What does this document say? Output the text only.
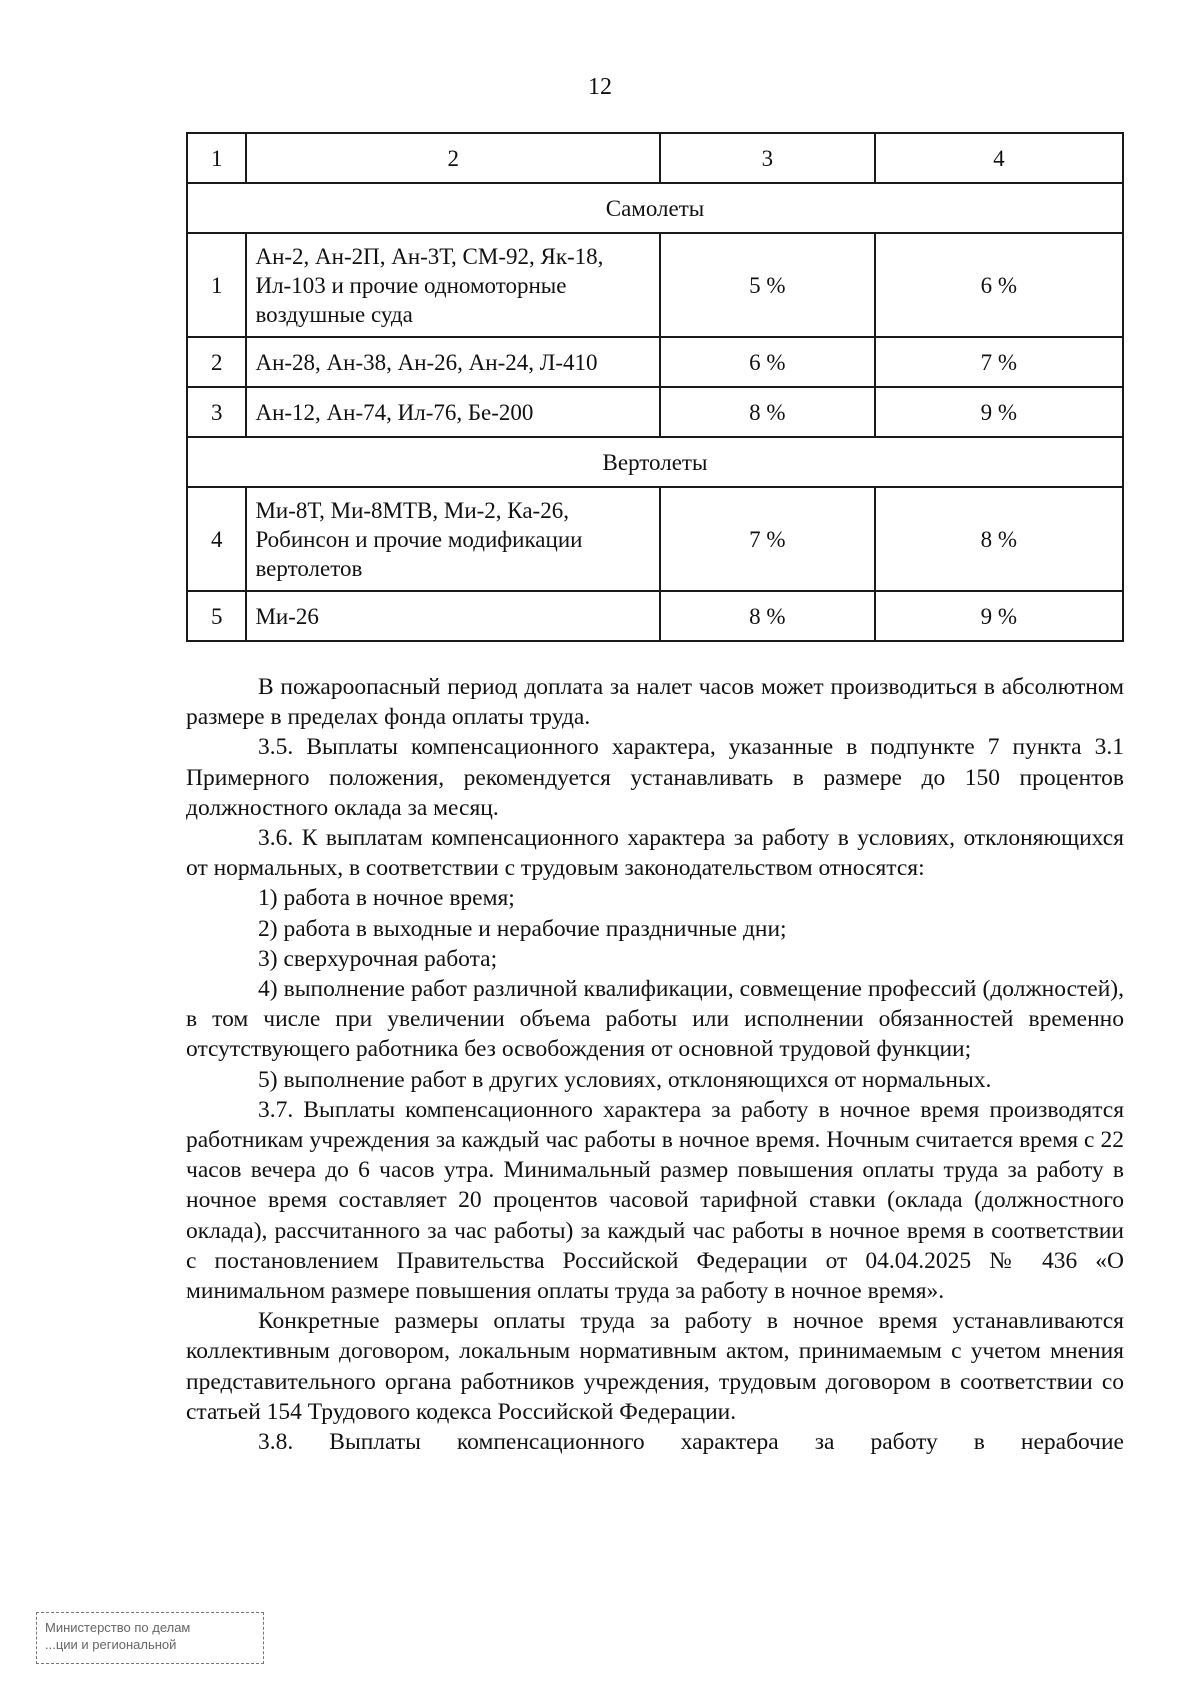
12
1	2	3	4
Самолеты			
1	Ан-2, Ан-2П, Ан-3Т, СМ-92, Як-18,
Ил-103 и прочие одномоторные
воздушные суда	5 %	6 %
2	Ан-28, Ан-38, Ан-26, Ан-24, Л-410	6 %	7 %
3	Ан-12, Ан-74, Ил-76, Бе-200	8 %	9 %
Вертолеты			
4	Ми-8Т, Ми-8МТВ, Ми-2, Ка-26,
Робинсон и прочие модификации
вертолетов	7 %	8 %
5	Ми-26	8 %	9 %

В пожароопасный период доплата за налет часов может производиться в абсолютном размере в пределах фонда оплаты труда.

3.5. Выплаты компенсационного характера, указанные в подпункте 7 пункта 3.1 Примерного положения, рекомендуется устанавливать в размере до 150 процентов должностного оклада за месяц.

3.6. К выплатам компенсационного характера за работу в условиях, отклоняющихся от нормальных, в соответствии с трудовым законодательством относятся:

1) работа в ночное время;

2) работа в выходные и нерабочие праздничные дни;

3) сверхурочная работа;

4) выполнение работ различной квалификации, совмещение профессий (должностей), в том числе при увеличении объема работы или исполнении обязанностей временно отсутствующего работника без освобождения от основной трудовой функции;

5) выполнение работ в других условиях, отклоняющихся от нормальных.

3.7. Выплаты компенсационного характера за работу в ночное время производятся работникам учреждения за каждый час работы в ночное время. Ночным считается время с 22 часов вечера до 6 часов утра. Минимальный размер повышения оплаты труда за работу в ночное время составляет 20 процентов часовой тарифной ставки (оклада (должностного оклада), рассчитанного за час работы) за каждый час работы в ночное время в соответствии с постановлением Правительства Российской Федерации от 04.04.2025 № 436 «О минимальном размере повышения оплаты труда за работу в ночное время».

Конкретные размеры оплаты труда за работу в ночное время устанавливаются коллективным договором, локальным нормативным актом, принимаемым с учетом мнения представительного органа работников учреждения, трудовым договором в соответствии со статьей 154 Трудового кодекса Российской Федерации.

3.8. Выплаты компенсационного характера за работу в нерабочие

Министерство по делам
...ции и региональной
